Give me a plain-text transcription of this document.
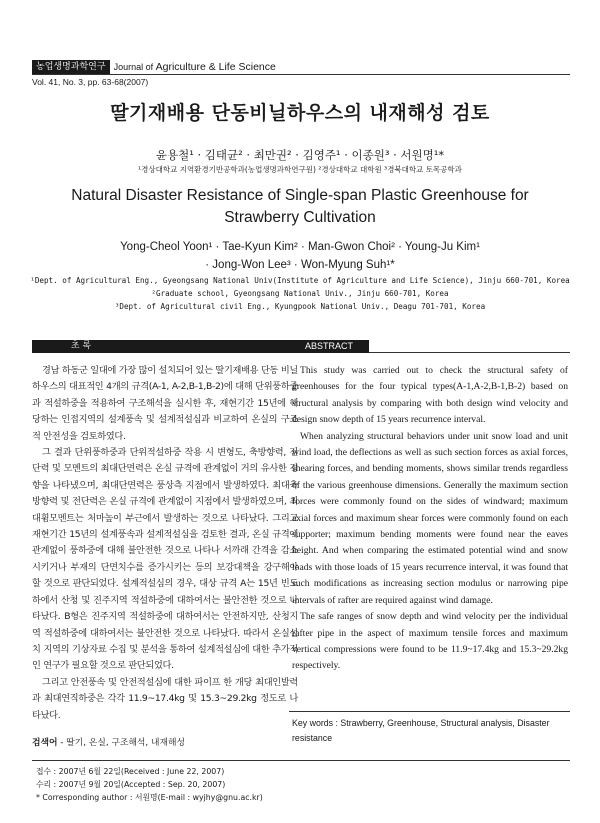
농업생명과학연구 Journal of Agriculture & Life Science
Vol. 41, No. 3, pp. 63-68(2007)
딸기재배용 단동비닐하우스의 내재해성 검토
윤용철¹ · 김태균² · 최만권² · 김영주¹ · 이종원³ · 서원명¹*
¹경상대학교 지역환경기반공학과(농업생명과학연구원) ²경상대학교 대학원 ³경북대학교 토목공학과
Natural Disaster Resistance of Single-span Plastic Greenhouse for
Strawberry Cultivation
Yong-Cheol Yoon¹ · Tae-Kyun Kim² · Man-Gwon Choi² · Young-Ju Kim¹
· Jong-Won Lee³ · Won-Myung Suh¹*
¹Dept. of Agricultural Eng., Gyeongsang National Univ(Institute of Agriculture and Life Science), Jinju 660-701, Korea
²Graduate school, Gyeongsang National Univ., Jinju 660-701, Korea
³Dept. of Agricultural civil Eng., Kyungpook National Univ., Deagu 701-701, Korea
초 록	ABSTRACT

경남 하동군 일대에 가장 많이 설치되어 있는 딸기재배용 단동 비닐하우스의 대표적인 4개의 규격(A-1, A-2,B-1,B-2)에 대해 단위풍하중과 적설하중을 적용하여 구조해석을 실시한 후, 재현기간 15년에 해당하는 인접지역의 설계풍속 및 설계적설심과 비교하여 온실의 구조적 안전성을 검토하였다.

그 결과 단위풍하중과 단위적설하중 작용 시 변형도, 축방향력, 전단력 및 모멘트의 최대단면력은 온실 규격에 관계없이 거의 유사한 경향을 나타냈으며, 최대단면력은 풍상측 지점에서 발생하였다. 최대축방향력 및 전단력은 온실 규격에 관계없이 지점에서 발생하였으며, 최대휨모멘트는 처마높이 부근에서 발생하는 것으로 나타났다. 그리고 재현기간 15년의 설계풍속과 설계적설심을 검토한 결과, 온실 규격에 관계없이 풍하중에 대해 불안전한 것으로 나타나 서까래 간격을 감소시키거나 부재의 단면치수를 증가시키는 등의 보강대책을 강구해야 할 것으로 판단되었다. 설계적설심의 경우, 대상 규격 A는 15년 빈도하에서 산청 및 진주지역 적설하중에 대하여서는 불안전한 것으로 나타났다. B형은 진주지역 적설하중에 대하여서는 안전하지만, 산청지역 적설하중에 대하여서는 불안전한 것으로 나타났다. 따라서 온실설치 지역의 기상자료 수집 및 분석을 통하여 설계적설심에 대한 추가적인 연구가 필요할 것으로 판단되었다.

그리고 안전풍속 및 안전적설심에 대한 파이프 한 개당 최대인발력과 최대연직하중은 각각 11.9~17.4kg 및 15.3~29.2kg 정도로 나타났다.

This study was carried out to check the structural safety of greenhouses for the four typical types(A-1,A-2,B-1,B-2) based on structural analysis by comparing with both design wind velocity and design snow depth of 15 years recurrence interval.

When analyzing structural behaviors under unit snow load and unit wind load, the deflections as well as such section forces as axial forces, shearing forces, and bending moments, shows similar trends regardless of the various greenhouse dimensions. Generally the maximum section forces were commonly found on the sides of windward; maximum axial forces and maximum shear forces were commonly found on each supporter; maximum bending moments were found near the eaves height. And when comparing the estimated potential wind and snow loads with those loads of 15 years recurrence interval, it was found that such modifications as increasing section modulus or narrowing pipe intervals of rafter are required against wind damage.

The safe ranges of snow depth and wind velocity per the individual rafter pipe in the aspect of maximum tensile forces and maximum vertical compressions were found to be 11.9~17.4kg and 15.3~29.2kg respectively.

검색어 - 딸기, 온실, 구조해석, 내재해성
Key words : Strawberry, Greenhouse, Structural analysis, Disaster resistance
접수 : 2007년 6월 22일(Received : June 22, 2007)
수리 : 2007년 9월 20일(Accepted : Sep. 20, 2007)
* Corresponding author : 서원명(E-mail : wyjhy@gnu.ac.kr)
